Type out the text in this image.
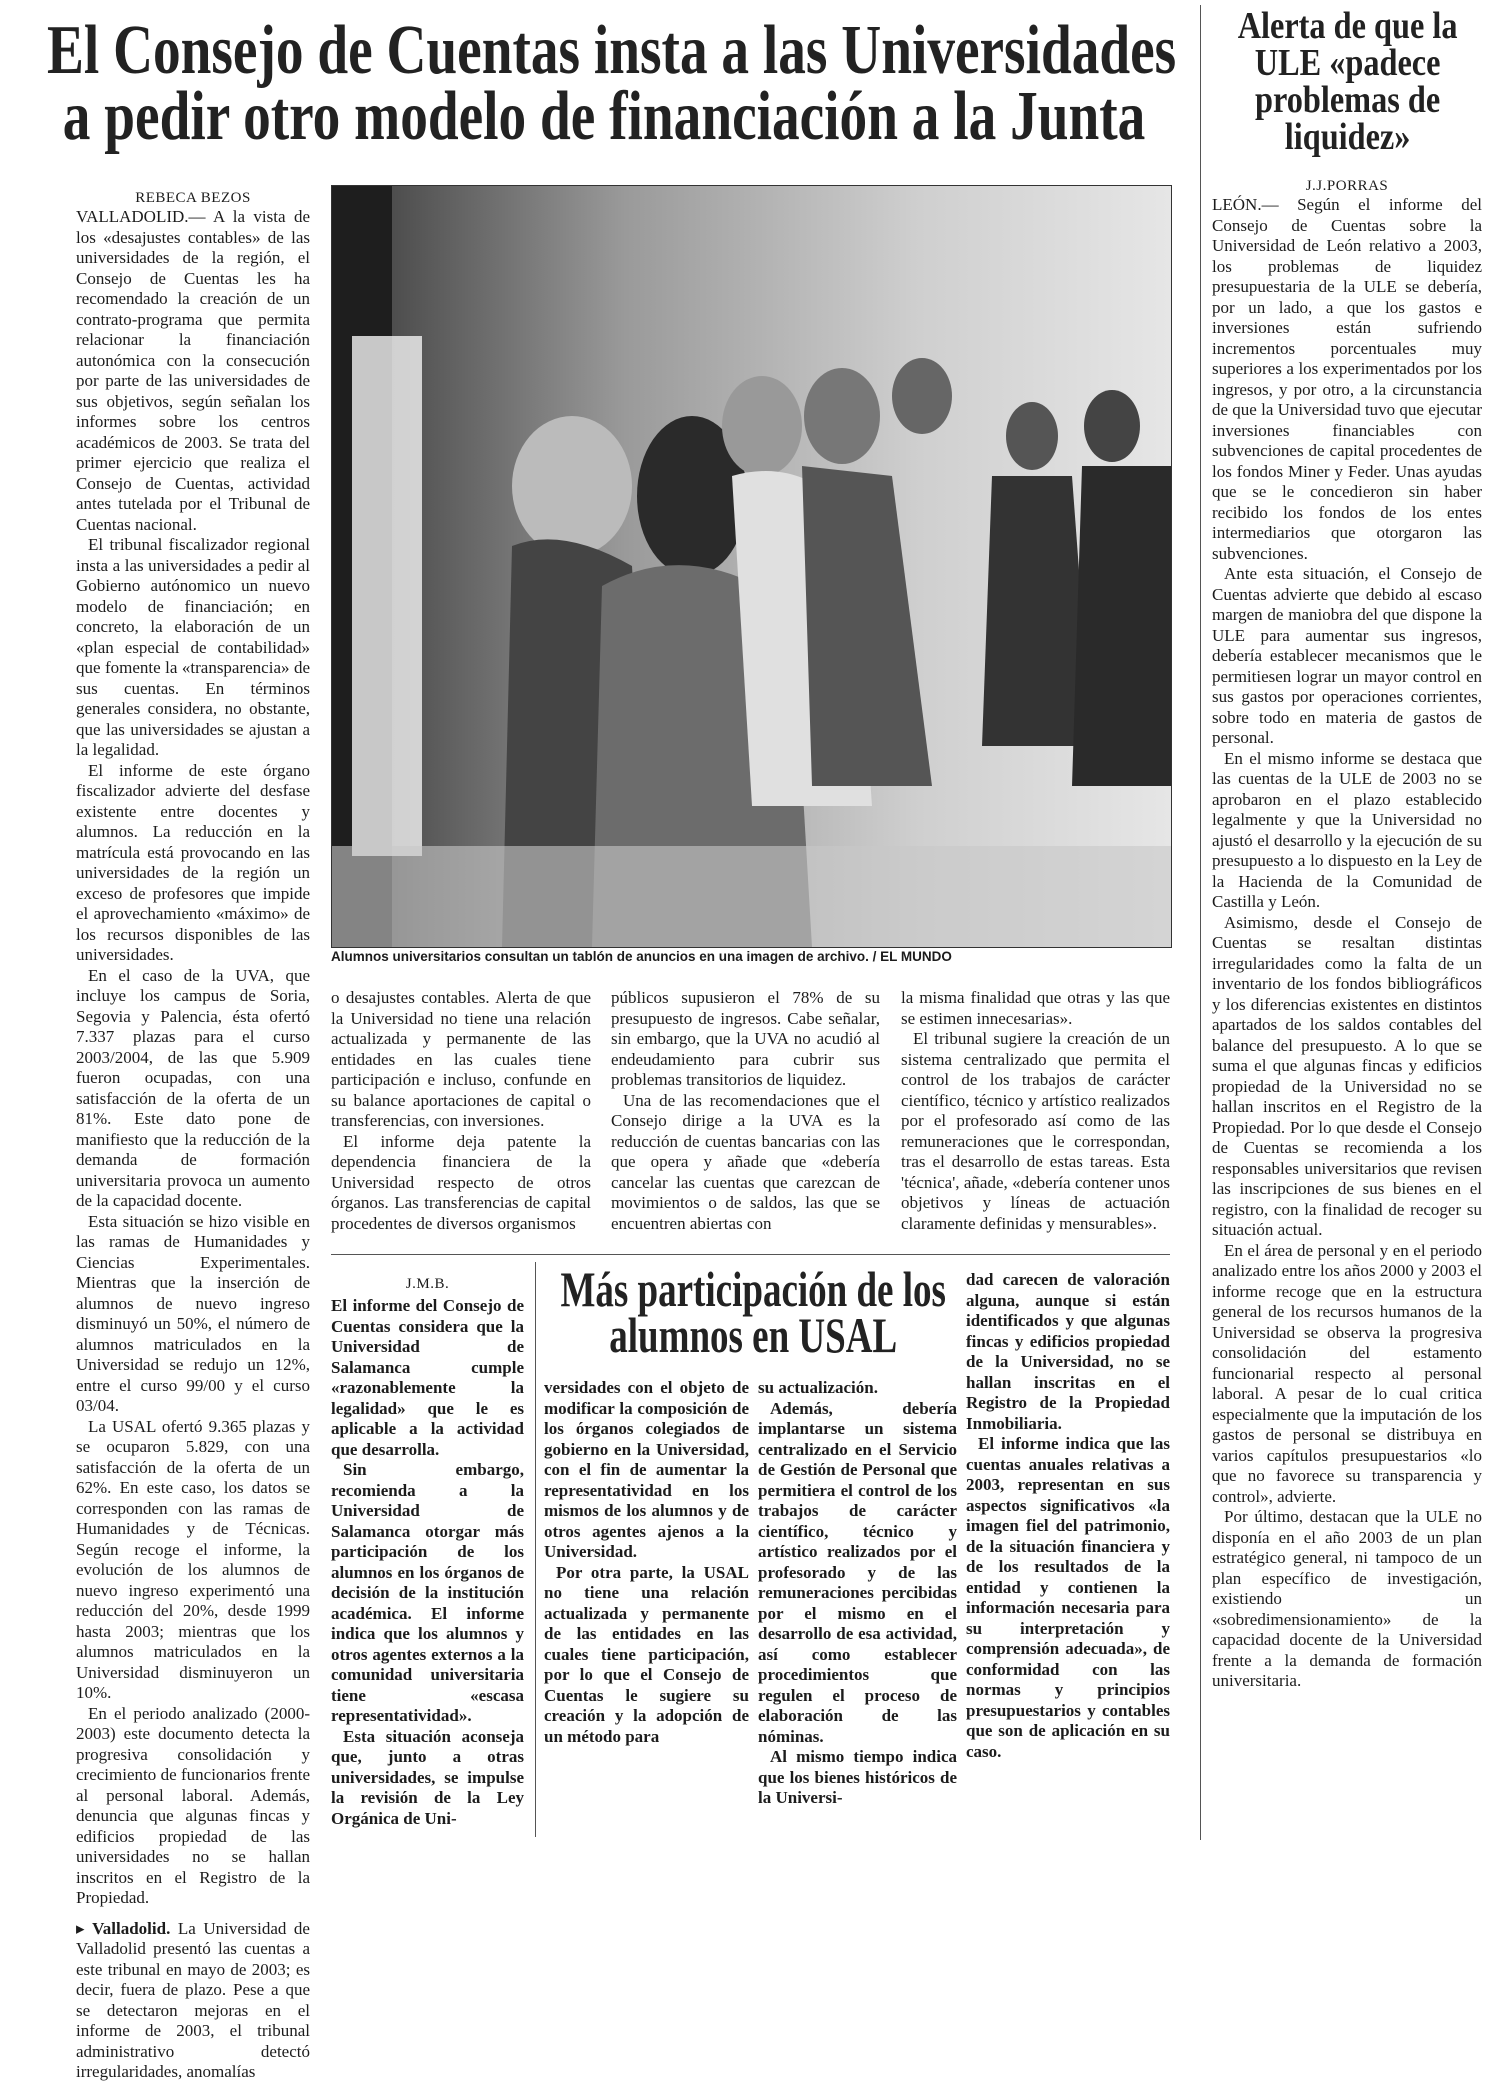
El Consejo de Cuentas insta a las Universidades
a pedir otro modelo de financiación a la Junta
REBECA BEZOS

VALLADOLID.— A la vista de los «desajustes contables» de las universidades de la región, el Consejo de Cuentas les ha recomendado la creación de un contrato-programa que permita relacionar la financiación autonómica con la consecución por parte de las universidades de sus objetivos, según señalan los informes sobre los centros académicos de 2003. Se trata del primer ejercicio que realiza el Consejo de Cuentas, actividad antes tutelada por el Tribunal de Cuentas nacional.

El tribunal fiscalizador regional insta a las universidades a pedir al Gobierno autónomico un nuevo modelo de financiación; en concreto, la elaboración de un «plan especial de contabilidad» que fomente la «transparencia» de sus cuentas. En términos generales considera, no obstante, que las universidades se ajustan a la legalidad.

El informe de este órgano fiscalizador advierte del desfase existente entre docentes y alumnos. La reducción en la matrícula está provocando en las universidades de la región un exceso de profesores que impide el aprovechamiento «máximo» de los recursos disponibles de las universidades.

En el caso de la UVA, que incluye los campus de Soria, Segovia y Palencia, ésta ofertó 7.337 plazas para el curso 2003/2004, de las que 5.909 fueron ocupadas, con una satisfacción de la oferta de un 81%. Este dato pone de manifiesto que la reducción de la demanda de formación universitaria provoca un aumento de la capacidad docente.

Esta situación se hizo visible en las ramas de Humanidades y Ciencias Experimentales. Mientras que la inserción de alumnos de nuevo ingreso disminuyó un 50%, el número de alumnos matriculados en la Universidad se redujo un 12%, entre el curso 99/00 y el curso 03/04.

La USAL ofertó 9.365 plazas y se ocuparon 5.829, con una satisfacción de la oferta de un 62%. En este caso, los datos se corresponden con las ramas de Humanidades y de Técnicas. Según recoge el informe, la evolución de los alumnos de nuevo ingreso experimentó una reducción del 20%, desde 1999 hasta 2003; mientras que los alumnos matriculados en la Universidad disminuyeron un 10%.

En el periodo analizado (2000-2003) este documento detecta la progresiva consolidación y crecimiento de funcionarios frente al personal laboral. Además, denuncia que algunas fincas y edificios propiedad de las universidades no se hallan inscritos en el Registro de la Propiedad.

▸ Valladolid. La Universidad de Valladolid presentó las cuentas a este tribunal en mayo de 2003; es decir, fuera de plazo. Pese a que se detectaron mejoras en el informe de 2003, el tribunal administrativo detectó irregularidades, anomalías

Alumnos universitarios consultan un tablón de anuncios en una imagen de archivo. / EL MUNDO

o desajustes contables. Alerta de que la Universidad no tiene una relación actualizada y permanente de las entidades en las cuales tiene participación e incluso, confunde en su balance aportaciones de capital o transferencias, con inversiones.

El informe deja patente la dependencia financiera de la Universidad respecto de otros órganos. Las transferencias de capital procedentes de diversos organismos

públicos supusieron el 78% de su presupuesto de ingresos. Cabe señalar, sin embargo, que la UVA no acudió al endeudamiento para cubrir sus problemas transitorios de liquidez.

Una de las recomendaciones que el Consejo dirige a la UVA es la reducción de cuentas bancarias con las que opera y añade que «debería cancelar las cuentas que carezcan de movimientos o de saldos, las que se encuentren abiertas con

la misma finalidad que otras y las que se estimen innecesarias».

El tribunal sugiere la creación de un sistema centralizado que permita el control de los trabajos de carácter científico, técnico y artístico realizados por el profesorado así como de las remuneraciones que le correspondan, tras el desarrollo de estas tareas. Esta 'técnica', añade, «debería contener unos objetivos y líneas de actuación claramente definidas y mensurables».

J.M.B.

El informe del Consejo de Cuentas considera que la Universidad de Salamanca cumple «razonablemente la legalidad» que le es aplicable a la actividad que desarrolla.

Sin embargo, recomienda a la Universidad de Salamanca otorgar más participación de los alumnos en los órganos de decisión de la institución académica. El informe indica que los alumnos y otros agentes externos a la comunidad universitaria tiene «escasa representatividad».

Esta situación aconseja que, junto a otras universidades, se impulse la revisión de la Ley Orgánica de Uni-

Más participación de los alumnos en USAL

versidades con el objeto de modificar la composición de los órganos colegiados de gobierno en la Universidad, con el fin de aumentar la representatividad en los mismos de los alumnos y de otros agentes ajenos a la Universidad.

Por otra parte, la USAL no tiene una relación actualizada y permanente de las entidades en las cuales tiene participación, por lo que el Consejo de Cuentas le sugiere su creación y la adopción de un método para

su actualización.

Además, debería implantarse un sistema centralizado en el Servicio de Gestión de Personal que permitiera el control de los trabajos de carácter científico, técnico y artístico realizados por el profesorado y de las remuneraciones percibidas por el mismo en el desarrollo de esa actividad, así como establecer procedimientos que regulen el proceso de elaboración de las nóminas.

Al mismo tiempo indica que los bienes históricos de la Universi-

dad carecen de valoración alguna, aunque si están identificados y que algunas fincas y edificios propiedad de la Universidad, no se hallan inscritas en el Registro de la Propiedad Inmobiliaria.

El informe indica que las cuentas anuales relativas a 2003, representan en sus aspectos significativos «la imagen fiel del patrimonio, de la situación financiera y de los resultados de la entidad y contienen la información necesaria para su interpretación y comprensión adecuada», de conformidad con las normas y principios presupuestarios y contables que son de aplicación en su caso.

Alerta de que la ULE «padece problemas de liquidez»
J.J.PORRAS

LEÓN.— Según el informe del Consejo de Cuentas sobre la Universidad de León relativo a 2003, los problemas de liquidez presupuestaria de la ULE se debería, por un lado, a que los gastos e inversiones están sufriendo incrementos porcentuales muy superiores a los experimentados por los ingresos, y por otro, a la circunstancia de que la Universidad tuvo que ejecutar inversiones financiables con subvenciones de capital procedentes de los fondos Miner y Feder. Unas ayudas que se le concedieron sin haber recibido los fondos de los entes intermediarios que otorgaron las subvenciones.

Ante esta situación, el Consejo de Cuentas advierte que debido al escaso margen de maniobra del que dispone la ULE para aumentar sus ingresos, debería establecer mecanismos que le permitiesen lograr un mayor control en sus gastos por operaciones corrientes, sobre todo en materia de gastos de personal.

En el mismo informe se destaca que las cuentas de la ULE de 2003 no se aprobaron en el plazo establecido legalmente y que la Universidad no ajustó el desarrollo y la ejecución de su presupuesto a lo dispuesto en la Ley de la Hacienda de la Comunidad de Castilla y León.

Asimismo, desde el Consejo de Cuentas se resaltan distintas irregularidades como la falta de un inventario de los fondos bibliográficos y los diferencias existentes en distintos apartados de los saldos contables del balance del presupuesto. A lo que se suma el que algunas fincas y edificios propiedad de la Universidad no se hallan inscritos en el Registro de la Propiedad. Por lo que desde el Consejo de Cuentas se recomienda a los responsables universitarios que revisen las inscripciones de sus bienes en el registro, con la finalidad de recoger su situación actual.

En el área de personal y en el periodo analizado entre los años 2000 y 2003 el informe recoge que en la estructura general de los recursos humanos de la Universidad se observa la progresiva consolidación del estamento funcionarial respecto al personal laboral. A pesar de lo cual critica especialmente que la imputación de los gastos de personal se distribuya en varios capítulos presupuestarios «lo que no favorece su transparencia y control», advierte.

Por último, destacan que la ULE no disponía en el año 2003 de un plan estratégico general, ni tampoco de un plan específico de investigación, existiendo un «sobredimensionamiento» de la capacidad docente de la Universidad frente a la demanda de formación universitaria.
